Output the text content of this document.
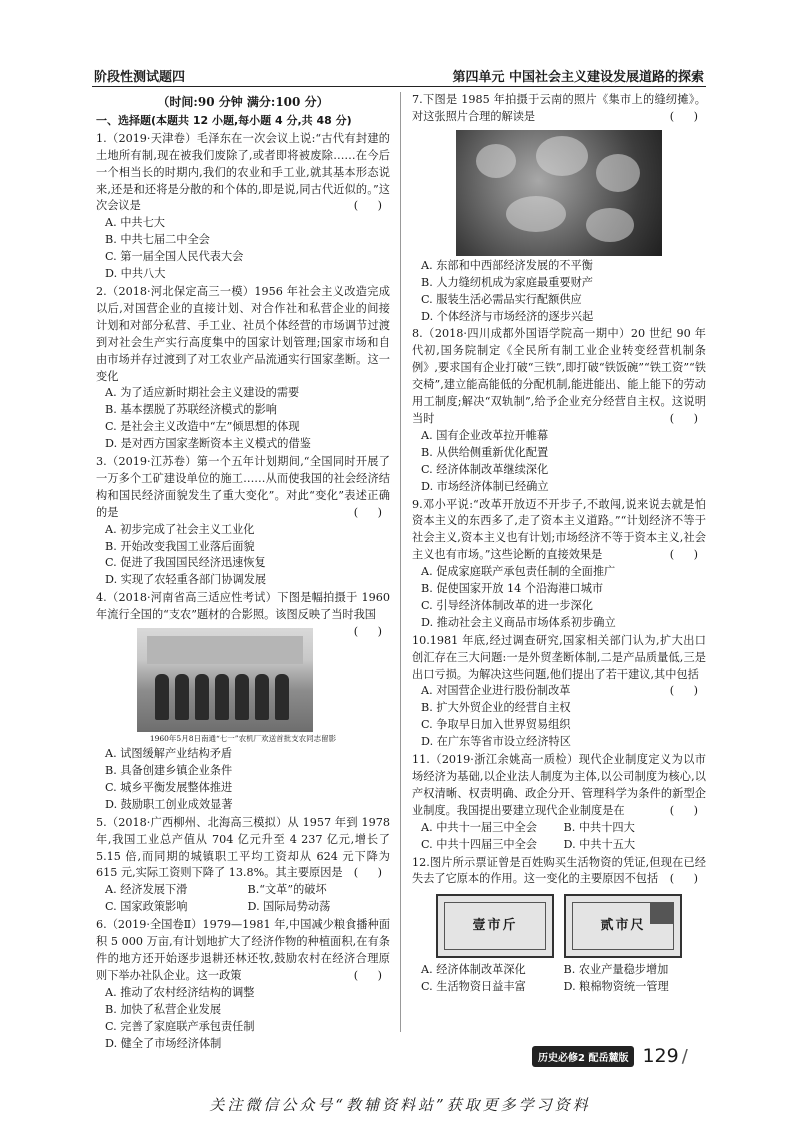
阶段性测试题四	第四单元 中国社会主义建设发展道路的探索
（时间:90 分钟 满分:100 分）
一、选择题(本题共 12 小题,每小题 4 分,共 48 分)
1.（2019·天津卷）毛泽东在一次会议上说:“古代有封建的土地所有制,现在被我们废除了,或者即将被废除……在今后一个相当长的时期内,我们的农业和手工业,就其基本形态说来,还是和还将是分散的和个体的,即是说,同古代近似的。”这次会议是	( )
A. 中共七大
B. 中共七届二中全会
C. 第一届全国人民代表大会
D. 中共八大
2.（2018·河北保定高三一模）1956 年社会主义改造完成以后,对国营企业的直接计划、对合作社和私营企业的间接计划和对部分私营、手工业、社员个体经营的市场调节过渡到对社会生产实行高度集中的国家计划管理;国家市场和自由市场并存过渡到了对工农业产品流通实行国家垄断。这一变化
A. 为了适应新时期社会主义建设的需要
B. 基本摆脱了苏联经济模式的影响
C. 是社会主义改造中“左”倾思想的体现
D. 是对西方国家垄断资本主义模式的借鉴
3.（2019·江苏卷）第一个五年计划期间,“全国同时开展了一万多个工矿建设单位的施工……从而使我国的社会经济结构和国民经济面貌发生了重大变化”。对此“变化”表述正确的是	( )
A. 初步完成了社会主义工业化
B. 开始改变我国工业落后面貌
C. 促进了我国国民经济迅速恢复
D. 实现了农轻重各部门协调发展
4.（2018·河南省高三适应性考试）下图是幅拍摄于 1960 年流行全国的“支农”题材的合影照。该图反映了当时我国
( )
1960年5月8日南通“七一”农机厂欢送首批支农同志留影
A. 试图缓解产业结构矛盾
B. 具备创建乡镇企业条件
C. 城乡平衡发展整体推进
D. 鼓励职工创业成效显著
5.（2018·广西柳州、北海高三模拟）从 1957 年到 1978 年,我国工业总产值从 704 亿元升至 4 237 亿元,增长了 5.15 倍,而同期的城镇职工平均工资却从 624 元下降为 615 元,实际工资则下降了 13.8%。其主要原因是 ( )
A. 经济发展下滑	B.“文革”的破坏
C. 国家政策影响	D. 国际局势动荡
6.（2019·全国卷Ⅱ）1979—1981 年,中国减少粮食播种面积 5 000 万亩,有计划地扩大了经济作物的种植面积,在有条件的地方还开始逐步退耕还林还牧,鼓励农村在经济合理原则下举办社队企业。这一政策	( )
A. 推动了农村经济结构的调整
B. 加快了私营企业发展
C. 完善了家庭联产承包责任制
D. 健全了市场经济体制
7.下图是 1985 年拍摄于云南的照片《集市上的缝纫摊》。对这张照片合理的解读是	( )
A. 东部和中西部经济发展的不平衡
B. 人力缝纫机成为家庭最重要财产
C. 服装生活必需品实行配额供应
D. 个体经济与市场经济的逐步兴起
8.（2018·四川成都外国语学院高一期中）20 世纪 90 年代初,国务院制定《全民所有制工业企业转变经营机制条例》,要求国有企业打破“三铁”,即打破“铁饭碗”“铁工资”“铁交椅”,建立能高能低的分配机制,能进能出、能上能下的劳动用工制度;解决“双轨制”,给予企业充分经营自主权。这说明当时	( )
A. 国有企业改革拉开帷幕
B. 从供给侧重新优化配置
C. 经济体制改革继续深化
D. 市场经济体制已经确立
9.邓小平说:“改革开放迈不开步子,不敢闯,说来说去就是怕资本主义的东西多了,走了资本主义道路。”“计划经济不等于社会主义,资本主义也有计划;市场经济不等于资本主义,社会主义也有市场。”这些论断的直接效果是	( )
A. 促成家庭联产承包责任制的全面推广
B. 促使国家开放 14 个沿海港口城市
C. 引导经济体制改革的进一步深化
D. 推动社会主义商品市场体系初步确立
10.1981 年底,经过调查研究,国家相关部门认为,扩大出口创汇存在三大问题:一是外贸垄断体制,二是产品质量低,三是出口亏损。为解决这些问题,他们提出了若干建议,其中包括
( )
A. 对国营企业进行股份制改革
B. 扩大外贸企业的经营自主权
C. 争取早日加入世界贸易组织
D. 在广东等省市设立经济特区
11.（2019·浙江余姚高一质检）现代企业制度定义为以市场经济为基础,以企业法人制度为主体,以公司制度为核心,以产权清晰、权责明确、政企分开、管理科学为条件的新型企业制度。我国提出要建立现代企业制度是在	( )
A. 中共十一届三中全会	B. 中共十四大
C. 中共十四届三中全会	D. 中共十五大
12.图片所示票证曾是百姓购买生活物资的凭证,但现在已经失去了它原本的作用。这一变化的主要原因不包括 ( )
壹市斤	贰市尺
A. 经济体制改革深化	B. 农业产量稳步增加
C. 生活物资日益丰富	D. 粮棉物资统一管理
历史必修2 配岳麓版 129 /
关注微信公众号“教辅资料站”获取更多学习资料
